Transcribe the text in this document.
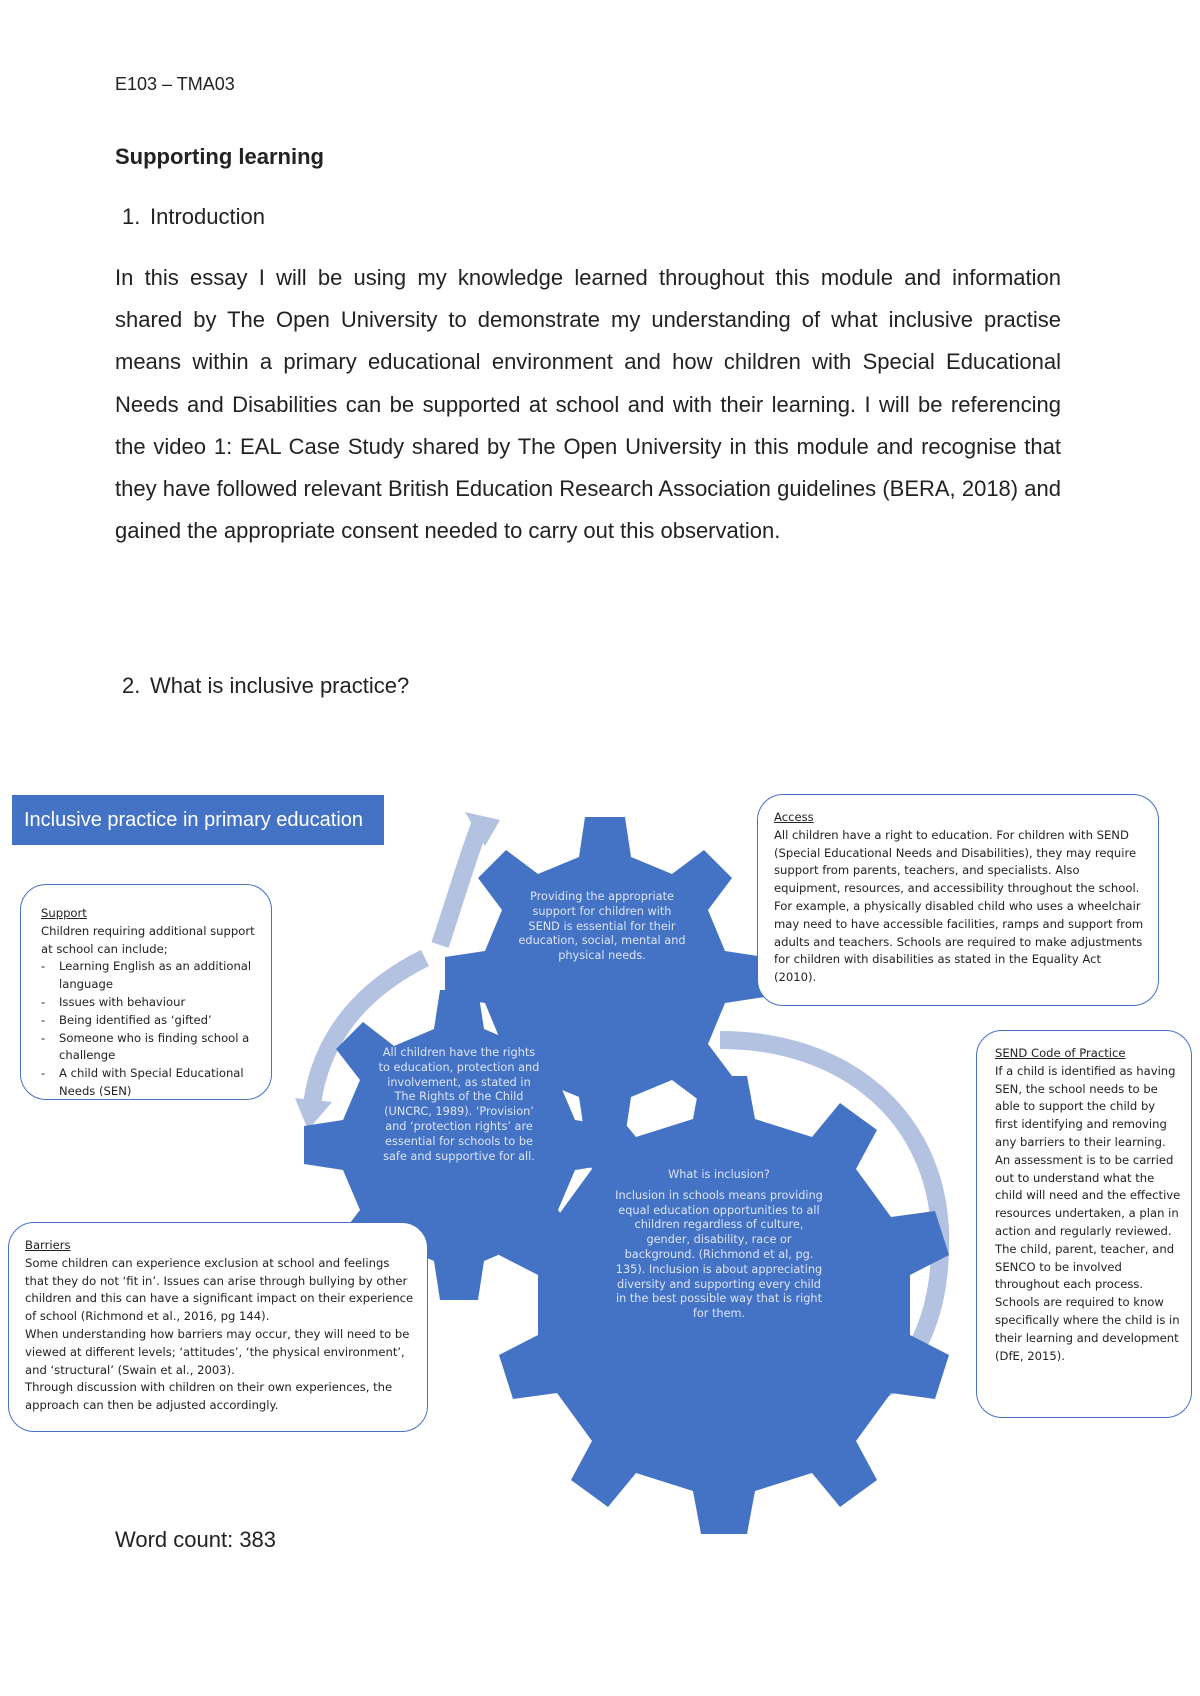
E103 – TMA03
Supporting learning
1. Introduction
In this essay I will be using my knowledge learned throughout this module and information shared by The Open University to demonstrate my understanding of what inclusive practise means within a primary educational environment and how children with Special Educational Needs and Disabilities can be supported at school and with their learning. I will be referencing the video 1: EAL Case Study shared by The Open University in this module and recognise that they have followed relevant British Education Research Association guidelines (BERA, 2018) and gained the appropriate consent needed to carry out this observation.
2. What is inclusive practice?
Inclusive practice in primary education
Support

Children requiring additional support at school can include;

- Learning English as an additional language
- Issues with behaviour
- Being identified as ‘gifted’
- Someone who is finding school a challenge
- A child with Special Educational Needs (SEN)
Access

All children have a right to education. For children with SEND (Special Educational Needs and Disabilities), they may require support from parents, teachers, and specialists. Also equipment, resources, and accessibility throughout the school. For example, a physically disabled child who uses a wheelchair may need to have accessible facilities, ramps and support from adults and teachers. Schools are required to make adjustments for children with disabilities as stated in the Equality Act (2010).

SEND Code of Practice

If a child is identified as having SEN, the school needs to be able to support the child by first identifying and removing any barriers to their learning. An assessment is to be carried out to understand what the child will need and the effective resources undertaken, a plan in action and regularly reviewed. The child, parent, teacher, and SENCO to be involved throughout each process. Schools are required to know specifically where the child is in their learning and development (DfE, 2015).

Barriers

Some children can experience exclusion at school and feelings that they do not ‘fit in’. Issues can arise through bullying by other children and this can have a significant impact on their experience of school (Richmond et al., 2016, pg 144).

When understanding how barriers may occur, they will need to be viewed at different levels; ‘attitudes’, ‘the physical environment’, and ‘structural’ (Swain et al., 2003).

Through discussion with children on their own experiences, the approach can then be adjusted accordingly.

Providing the appropriate support for children with SEND is essential for their education, social, mental and physical needs.
All children have the rights to education, protection and involvement, as stated in The Rights of the Child (UNCRC, 1989). ‘Provision’ and ‘protection rights’ are essential for schools to be safe and supportive for all.
What is inclusion?
Inclusion in schools means providing equal education opportunities to all children regardless of culture, gender, disability, race or background. (Richmond et al, pg. 135). Inclusion is about appreciating diversity and supporting every child in the best possible way that is right for them.
Word count: 383
